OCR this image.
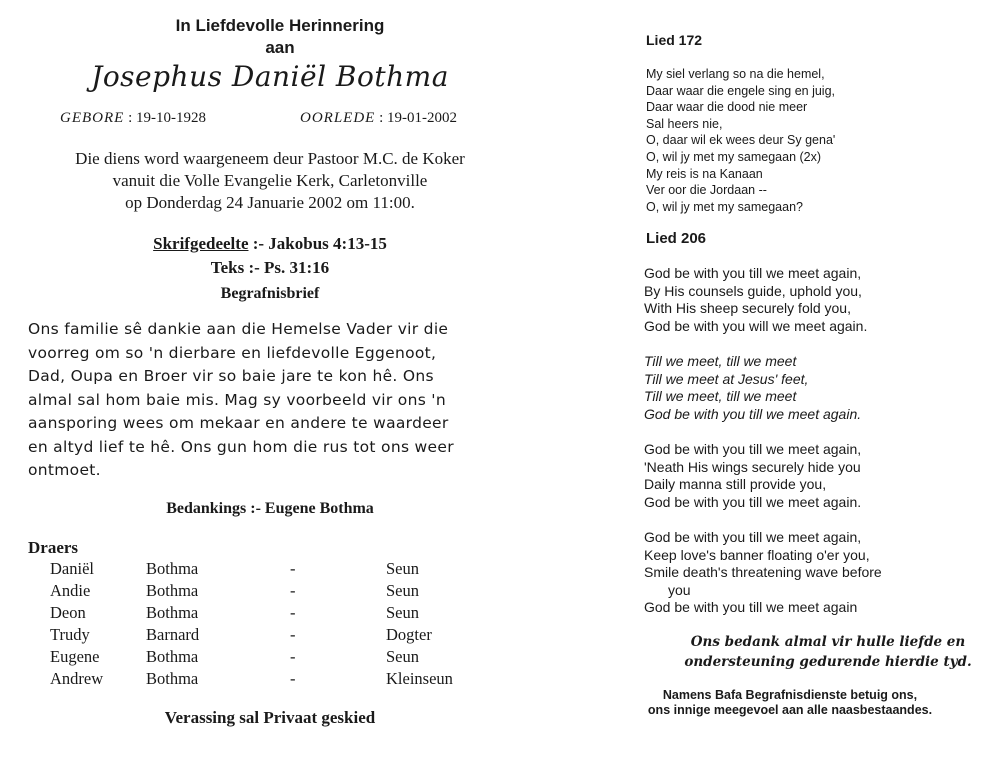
In Liefdevolle Herinnering
aan
Josephus Daniël Bothma
GEBORE : 19-10-1928	OORLEDE : 19-01-2002
Die diens word waargeneem deur Pastoor M.C. de Koker
vanuit die Volle Evangelie Kerk, Carletonville
op Donderdag 24 Januarie 2002 om 11:00.
Skrifgedeelte :- Jakobus 4:13-15
Teks :- Ps. 31:16
Begrafnisbrief
Ons familie sê dankie aan die Hemelse Vader vir die
voorreg om so 'n dierbare en liefdevolle Eggenoot,
Dad, Oupa en Broer vir so baie jare te kon hê. Ons
almal sal hom baie mis. Mag sy voorbeeld vir ons 'n
aansporing wees om mekaar en andere te waardeer
en altyd lief te hê. Ons gun hom die rus tot ons weer
ontmoet.
Bedankings :- Eugene Bothma
Draers
Daniël	Bothma	-	Seun
Andie	Bothma	-	Seun
Deon	Bothma	-	Seun
Trudy	Barnard	-	Dogter
Eugene	Bothma	-	Seun
Andrew	Bothma	-	Kleinseun
Verassing sal Privaat geskied
Lied 172
My siel verlang so na die hemel,
Daar waar die engele sing en juig,
Daar waar die dood nie meer
Sal heers nie,
O, daar wil ek wees deur Sy gena'
O, wil jy met my samegaan (2x)
My reis is na Kanaan
Ver oor die Jordaan --
O, wil jy met my samegaan?
Lied 206
God be with you till we meet again,
By His counsels guide, uphold you,
With His sheep securely fold you,
God be with you will we meet again.
Till we meet, till we meet
Till we meet at Jesus' feet,
Till we meet, till we meet
God be with you till we meet again.
God be with you till we meet again,
'Neath His wings securely hide you
Daily manna still provide you,
God be with you till we meet again.
God be with you till we meet again,
Keep love's banner floating o'er you,
Smile death's threatening wave before
you
God be with you till we meet again
Ons bedank almal vir hulle liefde en
ondersteuning gedurende hierdie tyd.
Namens Bafa Begrafnisdienste betuig ons,
ons innige meegevoel aan alle naasbestaandes.
